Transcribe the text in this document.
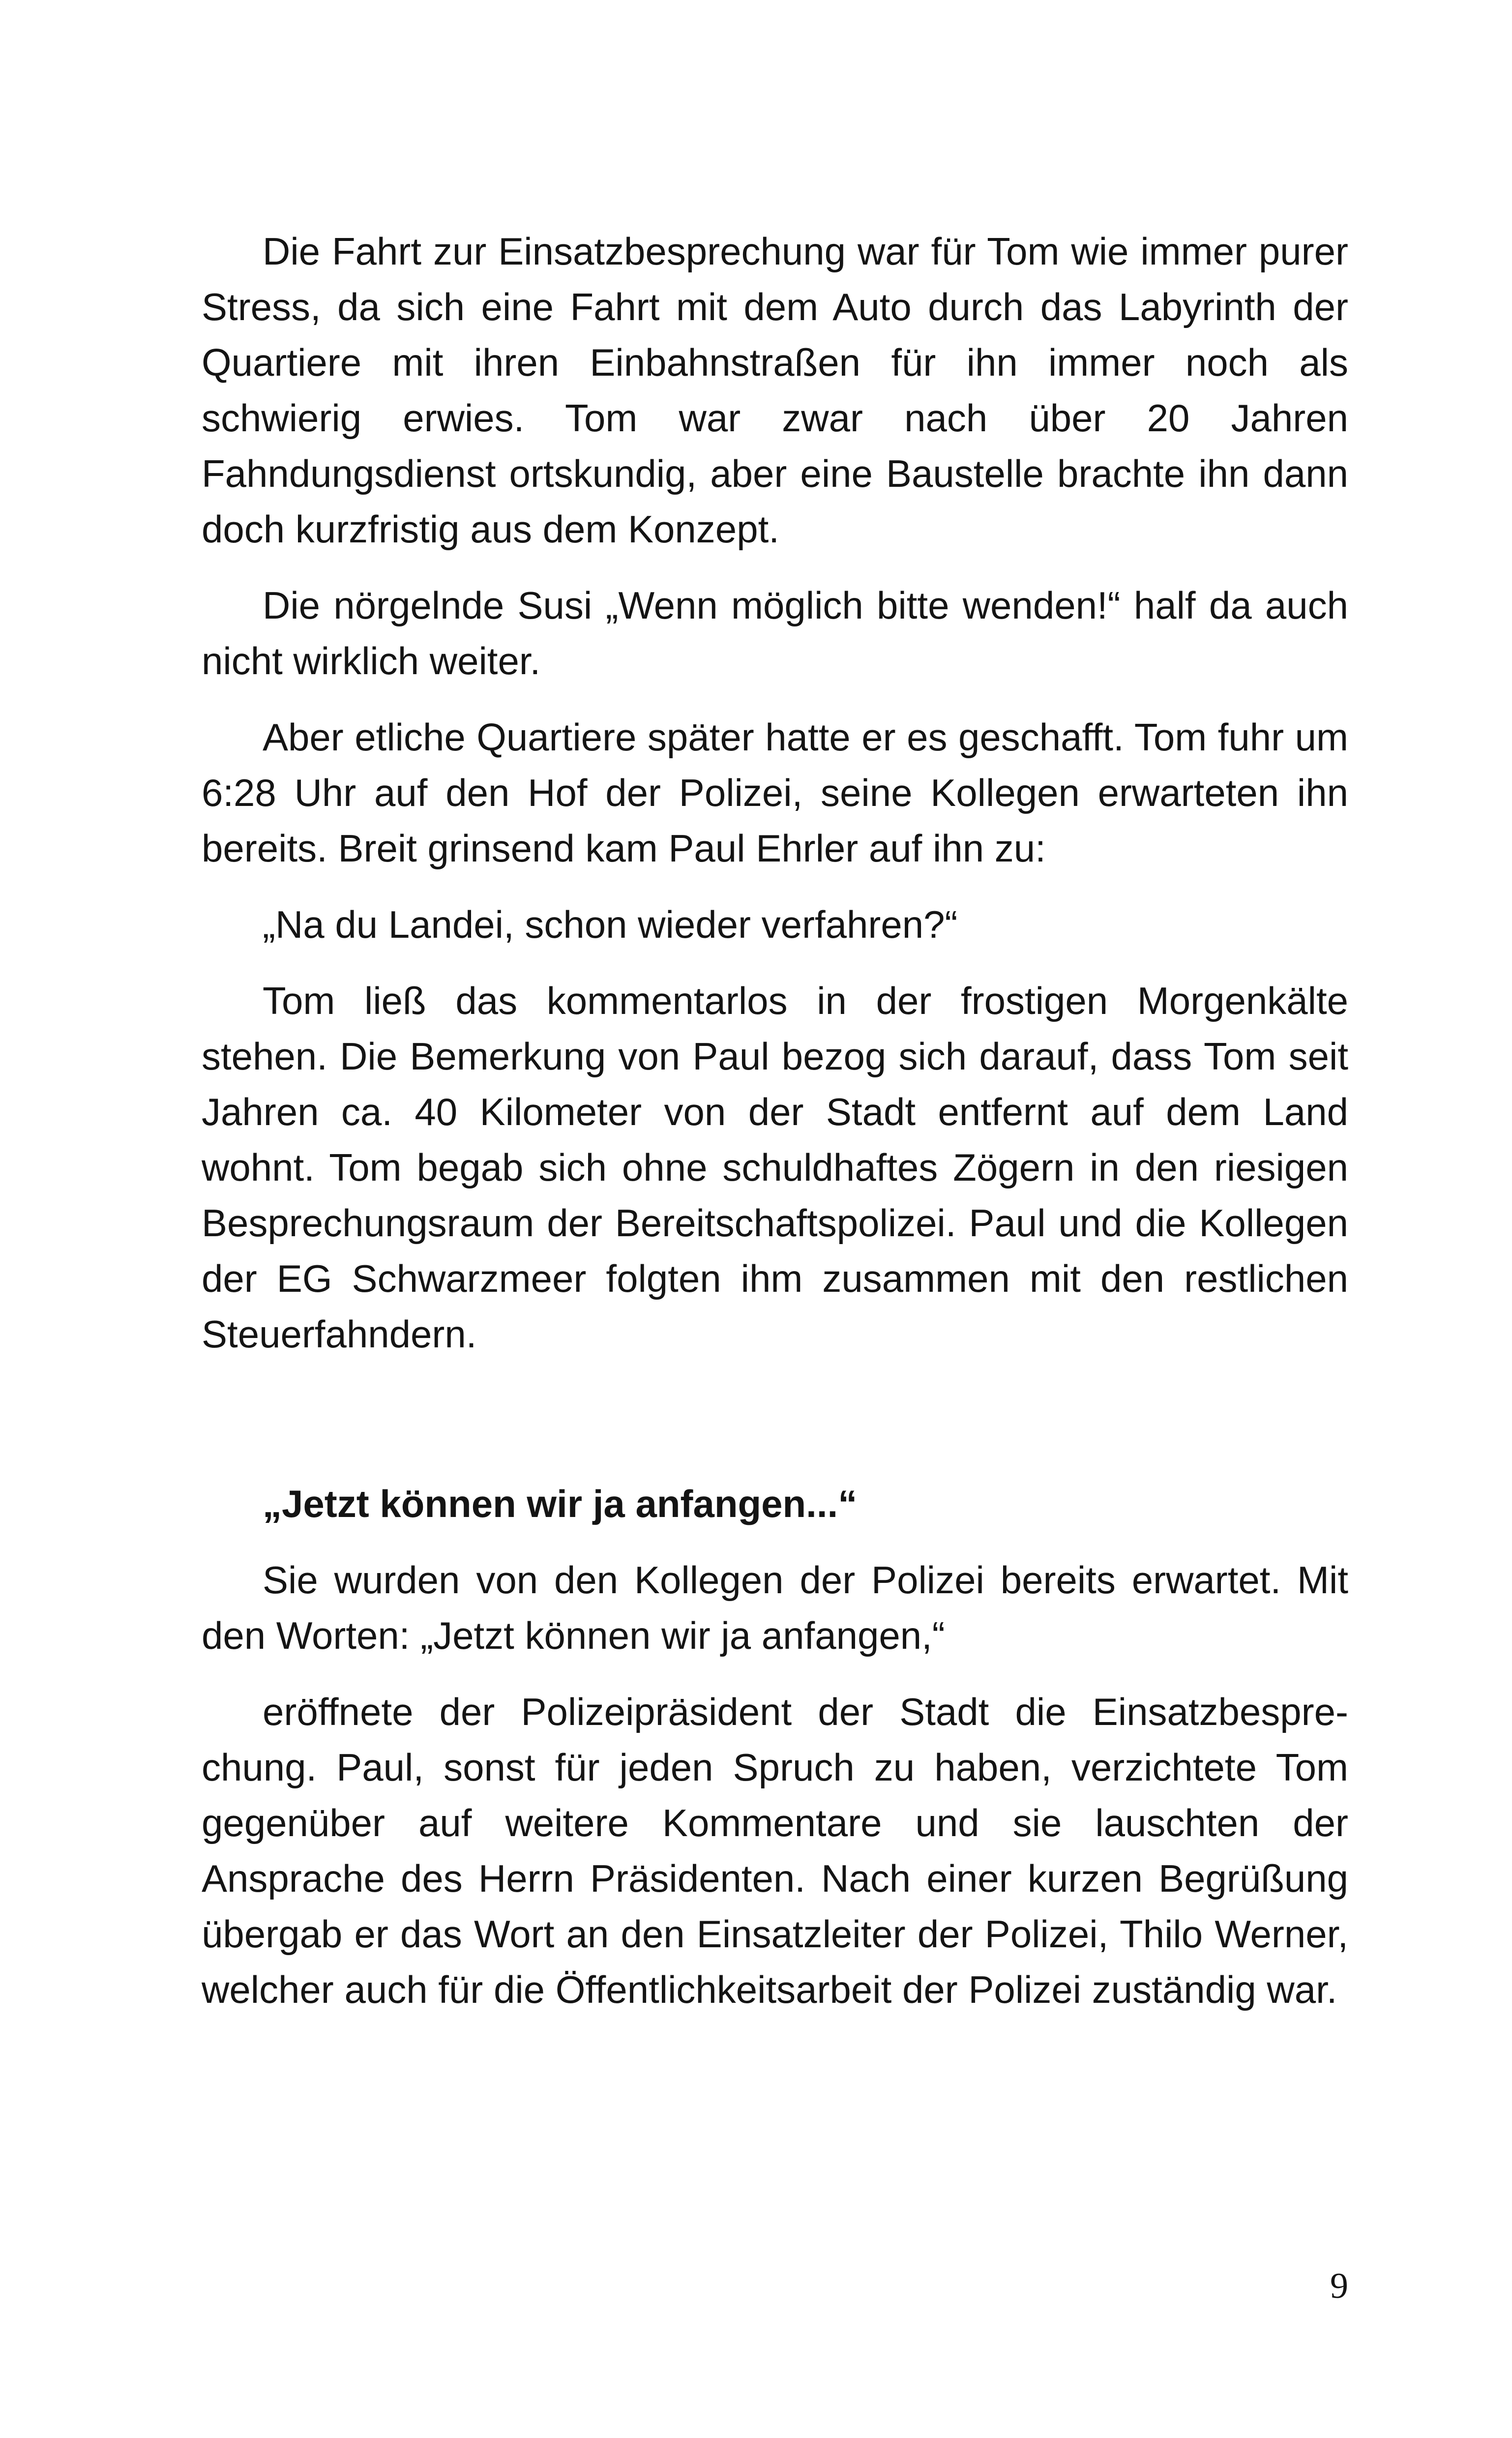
Die Fahrt zur Einsatzbesprechung war für Tom wie immer purer Stress, da sich eine Fahrt mit dem Auto durch das Labyrinth der Quartiere mit ihren Einbahnstraßen für ihn immer noch als schwierig erwies. Tom war zwar nach über 20 Jahren Fahndungsdienst ortskundig, aber eine Baustelle brachte ihn dann doch kurzfristig aus dem Konzept.

Die nörgelnde Susi „Wenn möglich bitte wenden!“ half da auch nicht wirklich weiter.

Aber etliche Quartiere später hatte er es geschafft. Tom fuhr um 6:28 Uhr auf den Hof der Polizei, seine Kollegen erwarteten ihn bereits. Breit grinsend kam Paul Ehrler auf ihn zu:

„Na du Landei, schon wieder verfahren?“

Tom ließ das kommentarlos in der frostigen Morgenkälte stehen. Die Bemerkung von Paul bezog sich darauf, dass Tom seit Jahren ca. 40 Kilometer von der Stadt entfernt auf dem Land wohnt. Tom begab sich ohne schuldhaftes Zögern in den riesigen Besprechungsraum der Bereitschaftspolizei. Paul und die Kollegen der EG Schwarzmeer folgten ihm zusammen mit den restlichen Steuerfahndern.

„Jetzt können wir ja anfangen...“

Sie wurden von den Kollegen der Polizei bereits erwartet. Mit den Worten: „Jetzt können wir ja anfangen,“

eröffnete der Polizeipräsident der Stadt die Einsatzbesprechung. Paul, sonst für jeden Spruch zu haben, verzichtete Tom gegenüber auf weitere Kommentare und sie lauschten der Ansprache des Herrn Präsidenten. Nach einer kurzen Begrüßung übergab er das Wort an den Einsatzleiter der Polizei, Thilo Werner, welcher auch für die Öffentlichkeitsarbeit der Polizei zuständig war.

9
